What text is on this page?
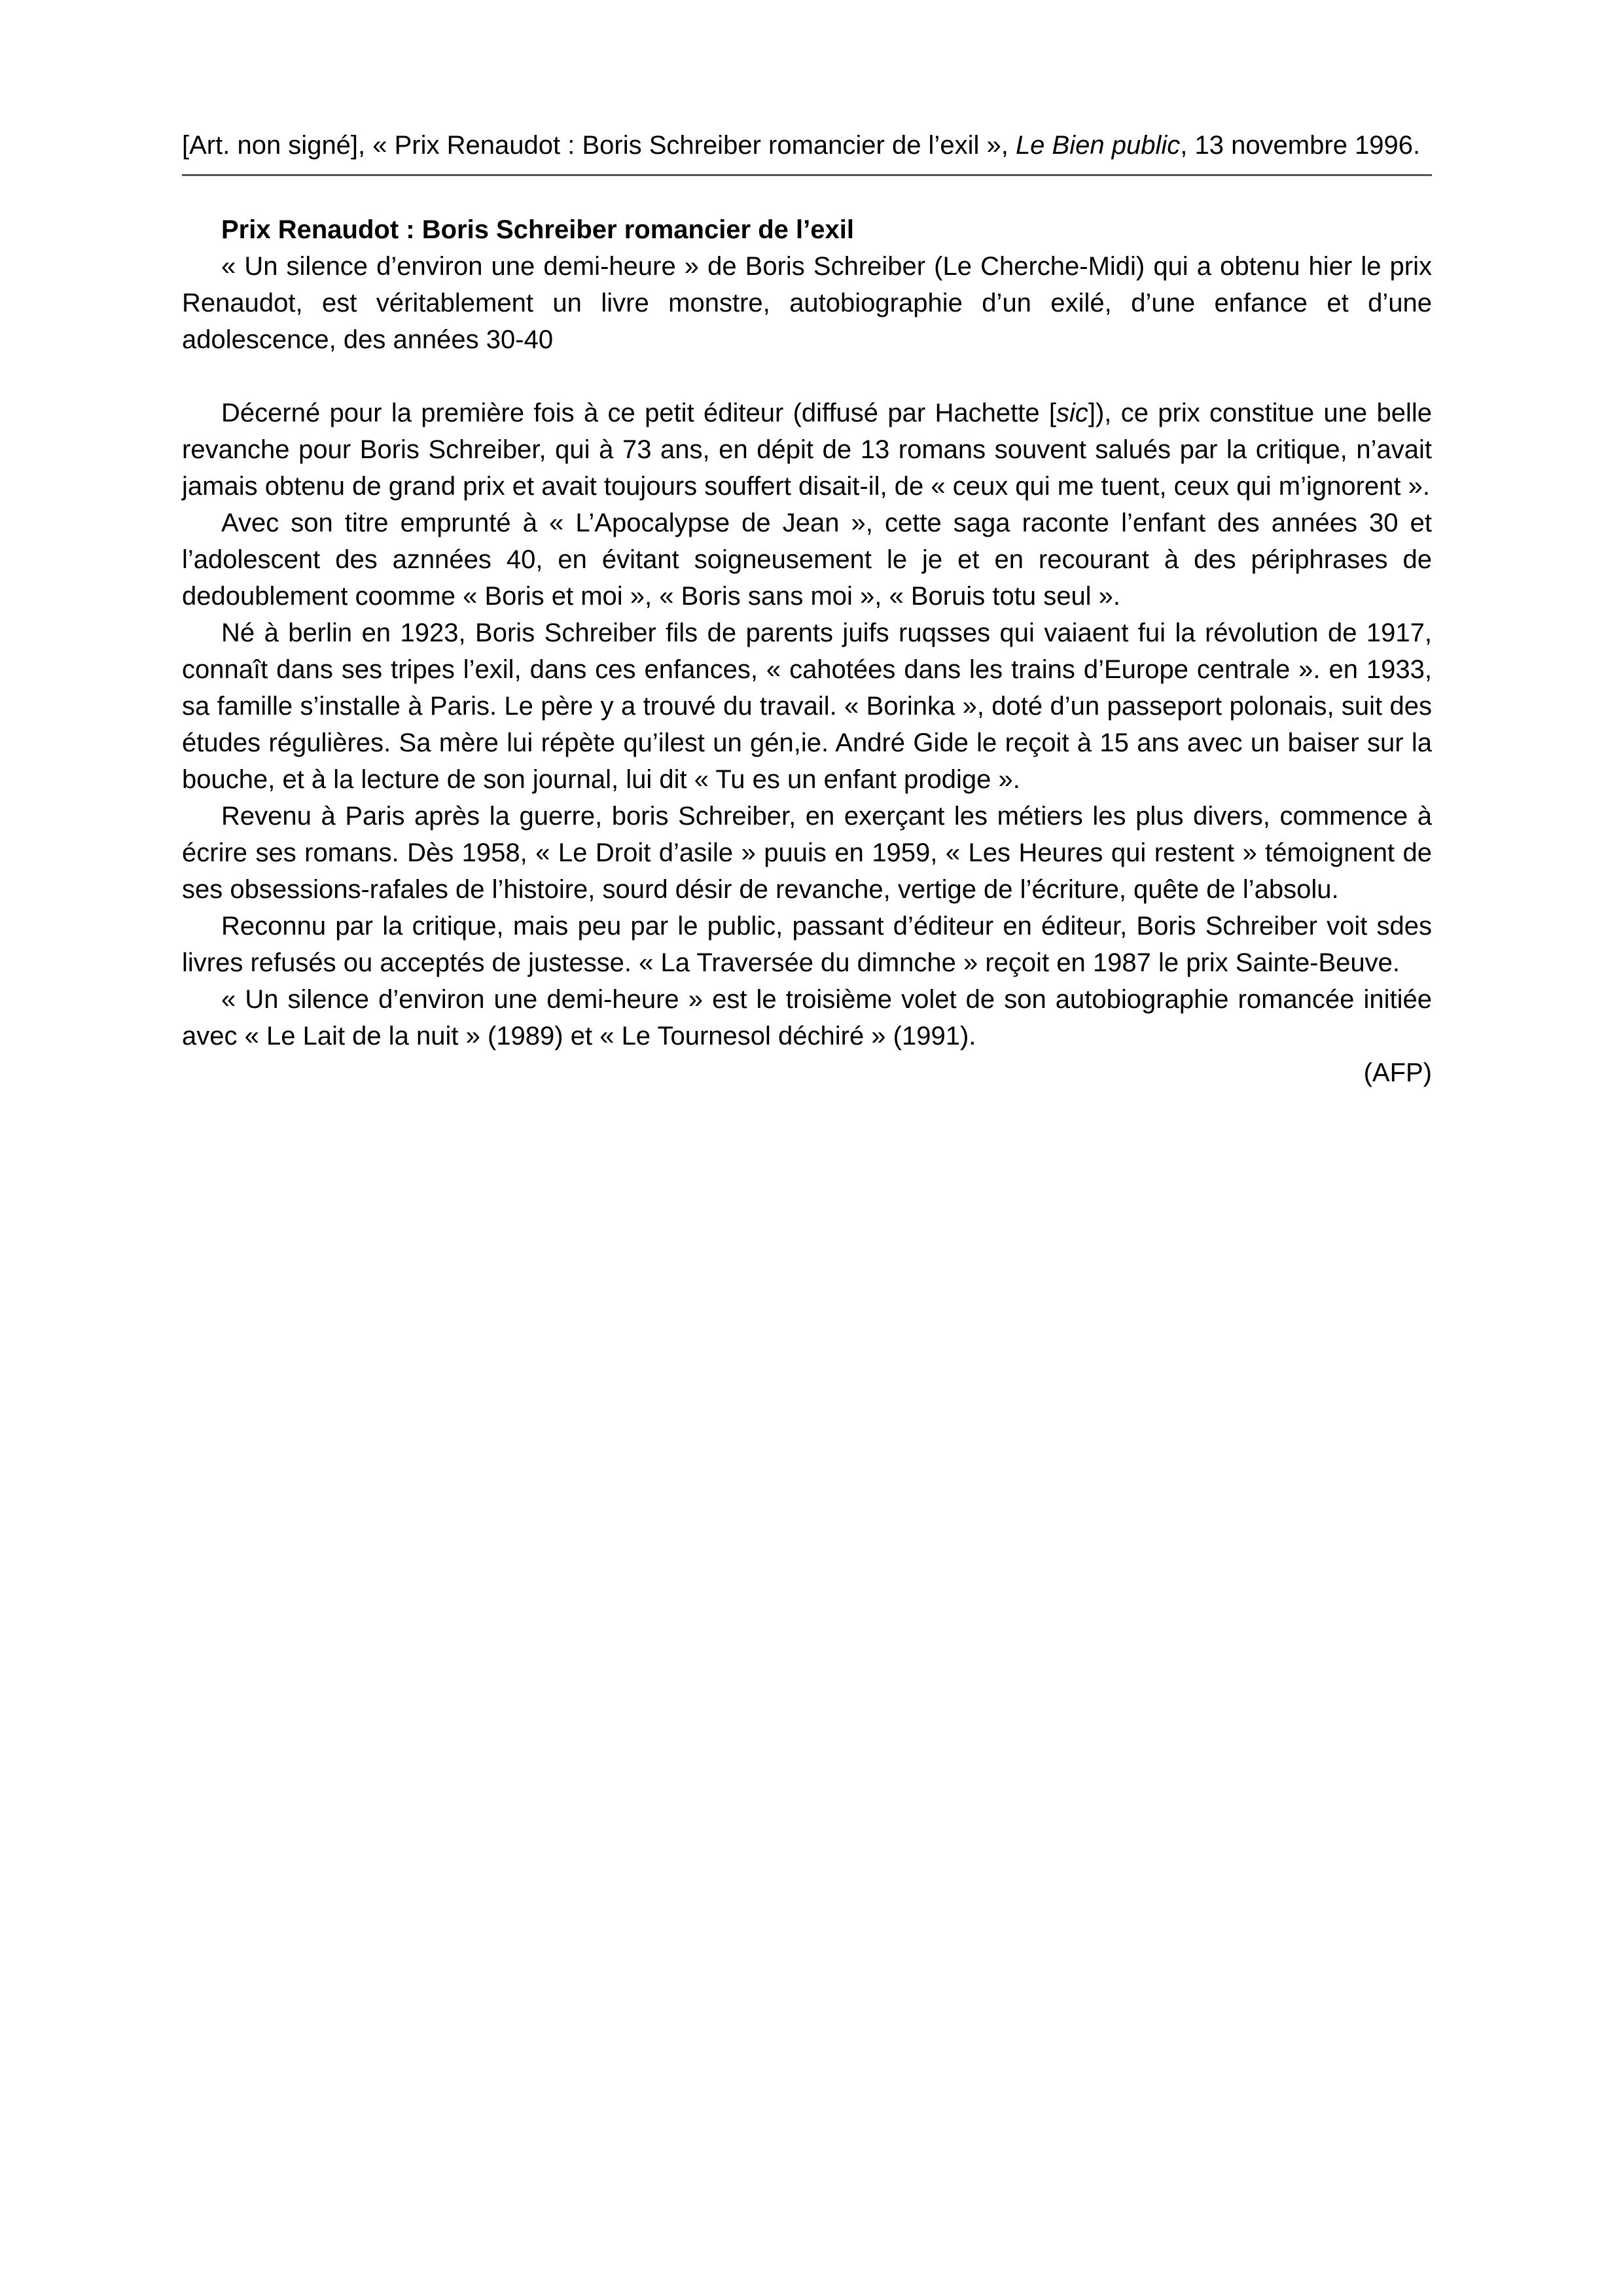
[Art. non signé], « Prix Renaudot : Boris Schreiber romancier de l’exil », Le Bien public, 13 novembre 1996.

Prix Renaudot : Boris Schreiber romancier de l’exil

« Un silence d’environ une demi-heure » de Boris Schreiber (Le Cherche-Midi) qui a obtenu hier le prix Renaudot, est véritablement un livre monstre, autobiographie d’un exilé, d’une enfance et d’une adolescence, des années 30-40

Décerné pour la première fois à ce petit éditeur (diffusé par Hachette [sic]), ce prix constitue une belle revanche pour Boris Schreiber, qui à 73 ans, en dépit de 13 romans souvent salués par la critique, n’avait jamais obtenu de grand prix et avait toujours souffert disait-il, de « ceux qui me tuent, ceux qui m’ignorent ».

Avec son titre emprunté à « L’Apocalypse de Jean », cette saga raconte l’enfant des années 30 et l’adolescent des aznnées 40, en évitant soigneusement le je et en recourant à des périphrases de dedoublement coomme « Boris et moi », « Boris sans moi », « Boruis totu seul ».

Né à berlin en 1923, Boris Schreiber fils de parents juifs ruqsses qui vaiaent fui la révolution de 1917, connaît dans ses tripes l’exil, dans ces enfances, « cahotées dans les trains d’Europe centrale ». en 1933, sa famille s’installe à Paris. Le père y a trouvé du travail. « Borinka », doté d’un passeport polonais, suit des études régulières. Sa mère lui répète qu’ilest un gén,ie. André Gide le reçoit à 15 ans avec un baiser sur la bouche, et à la lecture de son journal, lui dit « Tu es un enfant prodige ».

Revenu à Paris après la guerre, boris Schreiber, en exerçant les métiers les plus divers, commence à écrire ses romans. Dès 1958, « Le Droit d’asile » puuis en 1959, « Les Heures qui restent » témoignent de ses obsessions-rafales de l’histoire, sourd désir de revanche, vertige de l’écriture, quête de l’absolu.

Reconnu par la critique, mais peu par le public, passant d’éditeur en éditeur, Boris Schreiber voit sdes livres refusés ou acceptés de justesse. « La Traversée du dimnche » reçoit en 1987 le prix Sainte-Beuve.

« Un silence d’environ une demi-heure » est le troisième volet de son autobiographie romancée initiée avec « Le Lait de la nuit » (1989) et « Le Tournesol déchiré » (1991).

(AFP)
